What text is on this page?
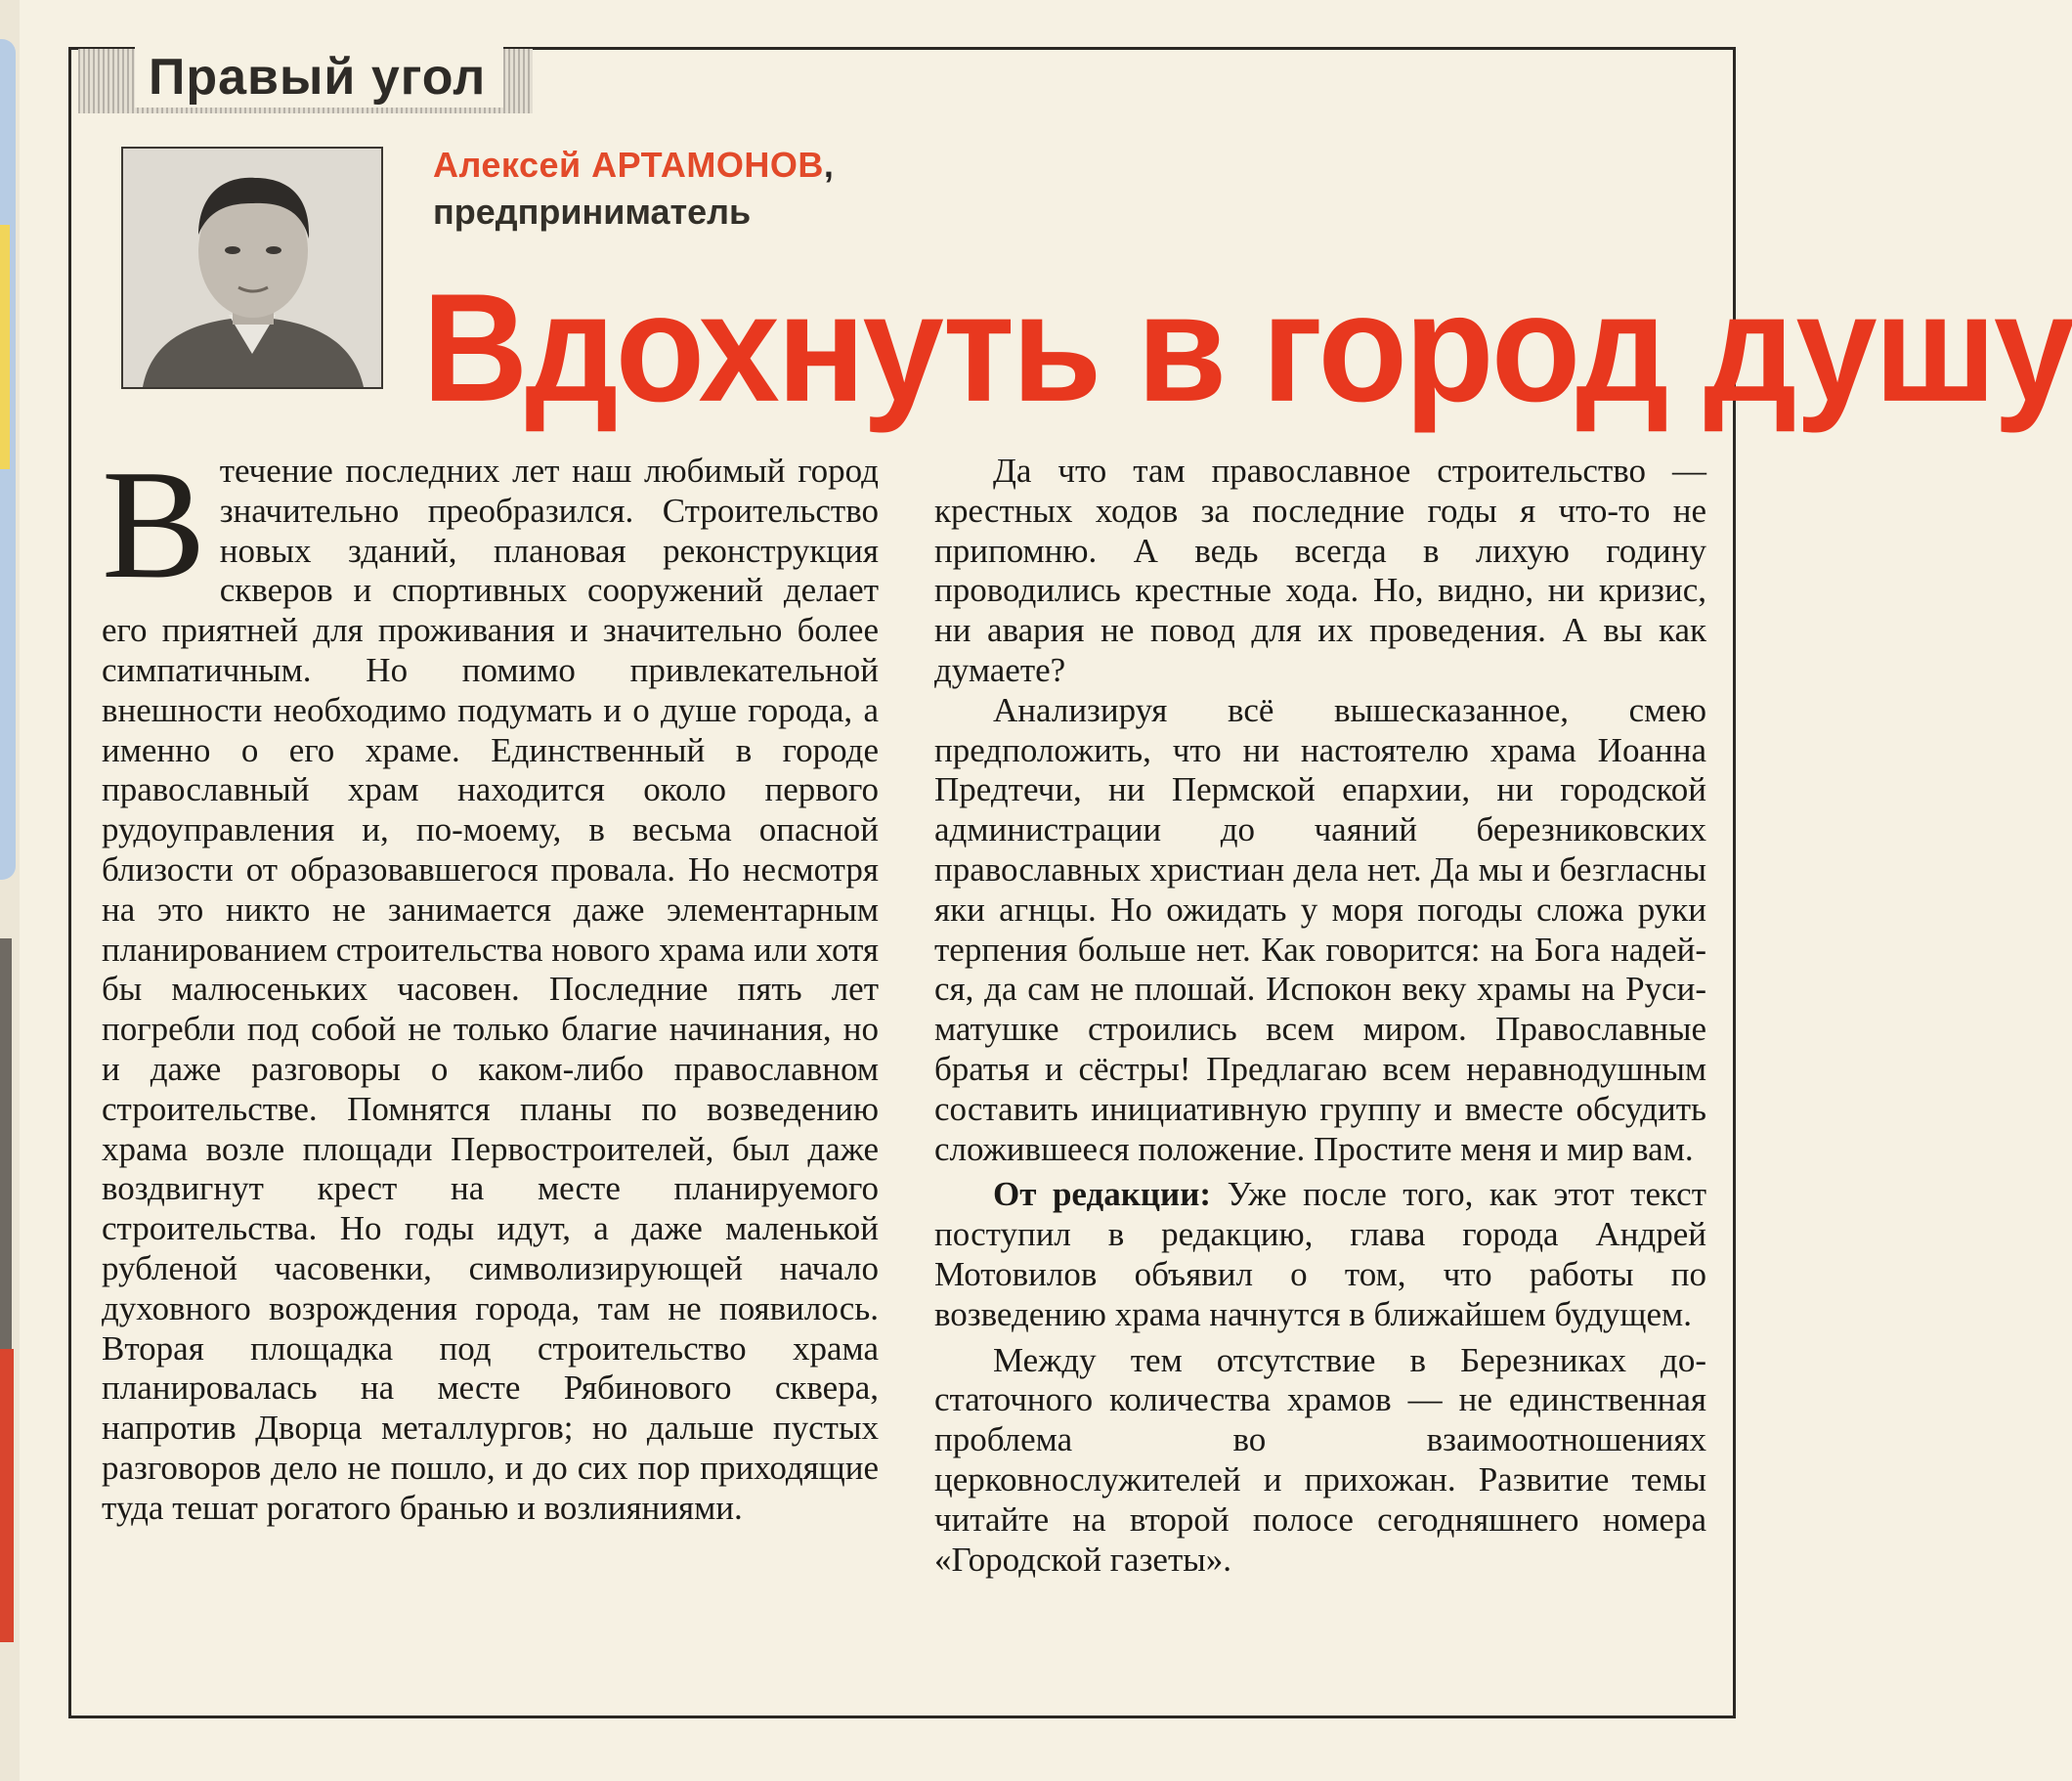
Правый угол
Алексей АРТАМОНОВ,
предприниматель
Вдохнуть в город душу

В течение последних лет наш любимый город значительно преобразился. Строительство новых зданий, плановая реконструкция скверов и спортивных сооружений делает его приятней для проживания и значительно более симпатичным. Но помимо привлекательной внешности необходимо подумать и о душе города, а именно о его храме. Единственный в городе православный храм находится около первого рудоуправления и, по-моему, в весьма опасной близости от образовавшегося провала. Но несмотря на это никто не занимается даже элементарным планированием строительства нового храма или хотя бы малюсеньких часовен. Последние пять лет погребли под собой не только благие начинания, но и даже разговоры о каком-либо православном строительстве. Помнятся планы по возведению храма возле площади Первостроителей, был даже воздвигнут крест на месте планируемого строительства. Но годы идут, а даже маленькой рубленой часовенки, символизирующей начало духовного возрождения города, там не появилось. Вторая площадка под строительство храма планировалась на месте Рябинового сквера, напротив Дворца металлургов; но дальше пустых разговоров дело не пошло, и до сих пор приходящие туда тешат рогатого бранью и возлияниями.

Да что там православное строительство — крестных ходов за последние годы я что-то не припомню. А ведь всегда в лихую годину проводились крестные хода. Но, видно, ни кризис, ни авария не повод для их проведения. А вы как думаете?

Анализируя всё вышесказанное, смею предположить, что ни настоятелю храма Иоанна Предтечи, ни Пермской епархии, ни городской администрации до чаяний березниковских православных христиан дела нет. Да мы и безгласны яки агнцы. Но ожидать у моря погоды сложа руки терпения больше нет. Как говорится: на Бога надейся, да сам не плошай. Испокон веку храмы на Руси-матушке строились всем миром. Православные братья и сёстры! Предлагаю всем неравнодушным составить инициативную группу и вместе обсудить сложившееся положение. Простите меня и мир вам.

От редакции: Уже после того, как этот текст поступил в редакцию, глава города Андрей Мотовилов объявил о том, что работы по возведению храма начнутся в ближайшем будущем.

Между тем отсутствие в Березниках достаточного количества храмов — не единственная проблема во взаимоотношениях церковнослужителей и прихожан. Развитие темы читайте на второй полосе сегодняшнего номера «Городской газеты».
